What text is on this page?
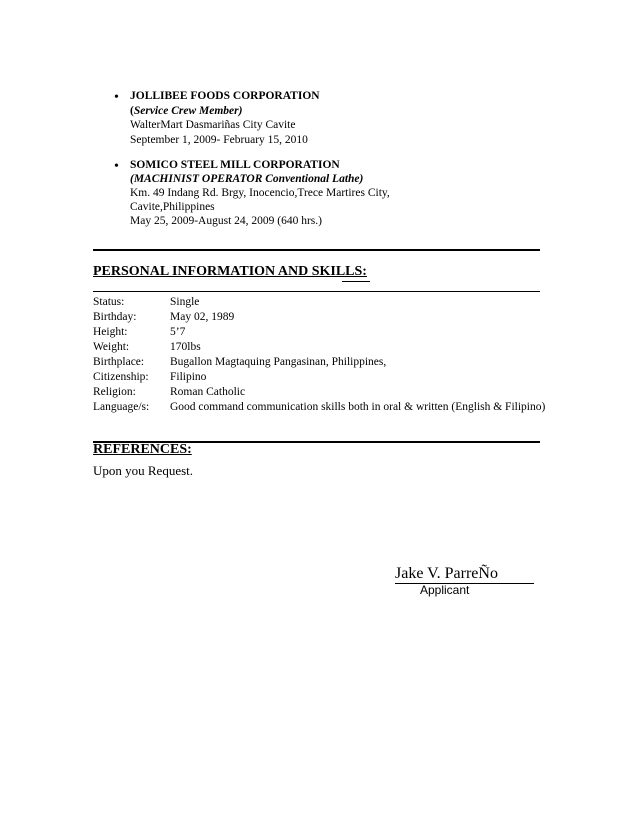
• JOLLIBEE FOODS CORPORATION
(Service Crew Member)
WalterMart Dasmariñas City Cavite
September 1, 2009- February 15, 2010
• SOMICO STEEL MILL CORPORATION
(MACHINIST OPERATOR Conventional Lathe)
Km. 49 Indang Rd. Brgy, Inocencio,Trece Martires City,
Cavite,Philippines
May 25, 2009-August 24, 2009 (640 hrs.)
PERSONAL INFORMATION AND SKILLS:
Status:	Single
Birthday:	May 02, 1989
Height:	5’7
Weight:	170lbs
Birthplace: Bugallon Magtaquing Pangasinan, Philippines,
Citizenship: Filipino
Religion:	Roman Catholic
Language/s: Good command communication skills both in oral & written (English & Filipino)
REFERENCES:
Upon you Request.
Jake V. ParreÑo
Applicant
